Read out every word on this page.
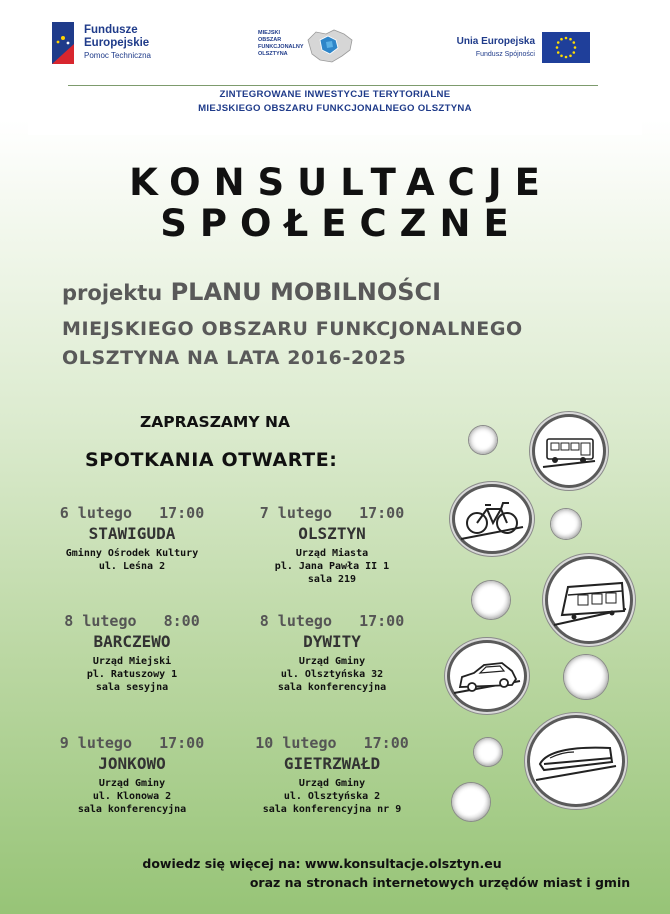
Fundusze
Europejskie
Pomoc Techniczna
MIEJSKI
OBSZAR
FUNKCJONALNY
OLSZTYNA
Unia Europejska
Fundusz Spójności
ZINTEGROWANE INWESTYCJE TERYTORIALNE
MIEJSKIEGO OBSZARU FUNKCJONALNEGO OLSZTYNA
KONSULTACJE
SPOŁECZNE
projektu PLANU MOBILNOŚCI
MIEJSKIEGO OBSZARU FUNKCJONALNEGO
OLSZTYNA NA LATA 2016-2025
ZAPRASZAMY NA
SPOTKANIA OTWARTE:
6 lutego   17:00
STAWIGUDA
Gminny Ośrodek Kultury
ul. Leśna 2
7 lutego   17:00
OLSZTYN
Urząd Miasta
pl. Jana Pawła II 1
sala 219
8 lutego   8:00
BARCZEWO
Urząd Miejski
pl. Ratuszowy 1
sala sesyjna
8 lutego   17:00
DYWITY
Urząd Gminy
ul. Olsztyńska 32
sala konferencyjna
9 lutego   17:00
JONKOWO
Urząd Gminy
ul. Klonowa 2
sala konferencyjna
10 lutego   17:00
GIETRZWAŁD
Urząd Gminy
ul. Olsztyńska 2
sala konferencyjna nr 9
dowiedz się więcej na: www.konsultacje.olsztyn.eu
oraz na stronach internetowych urzędów miast i gmin
